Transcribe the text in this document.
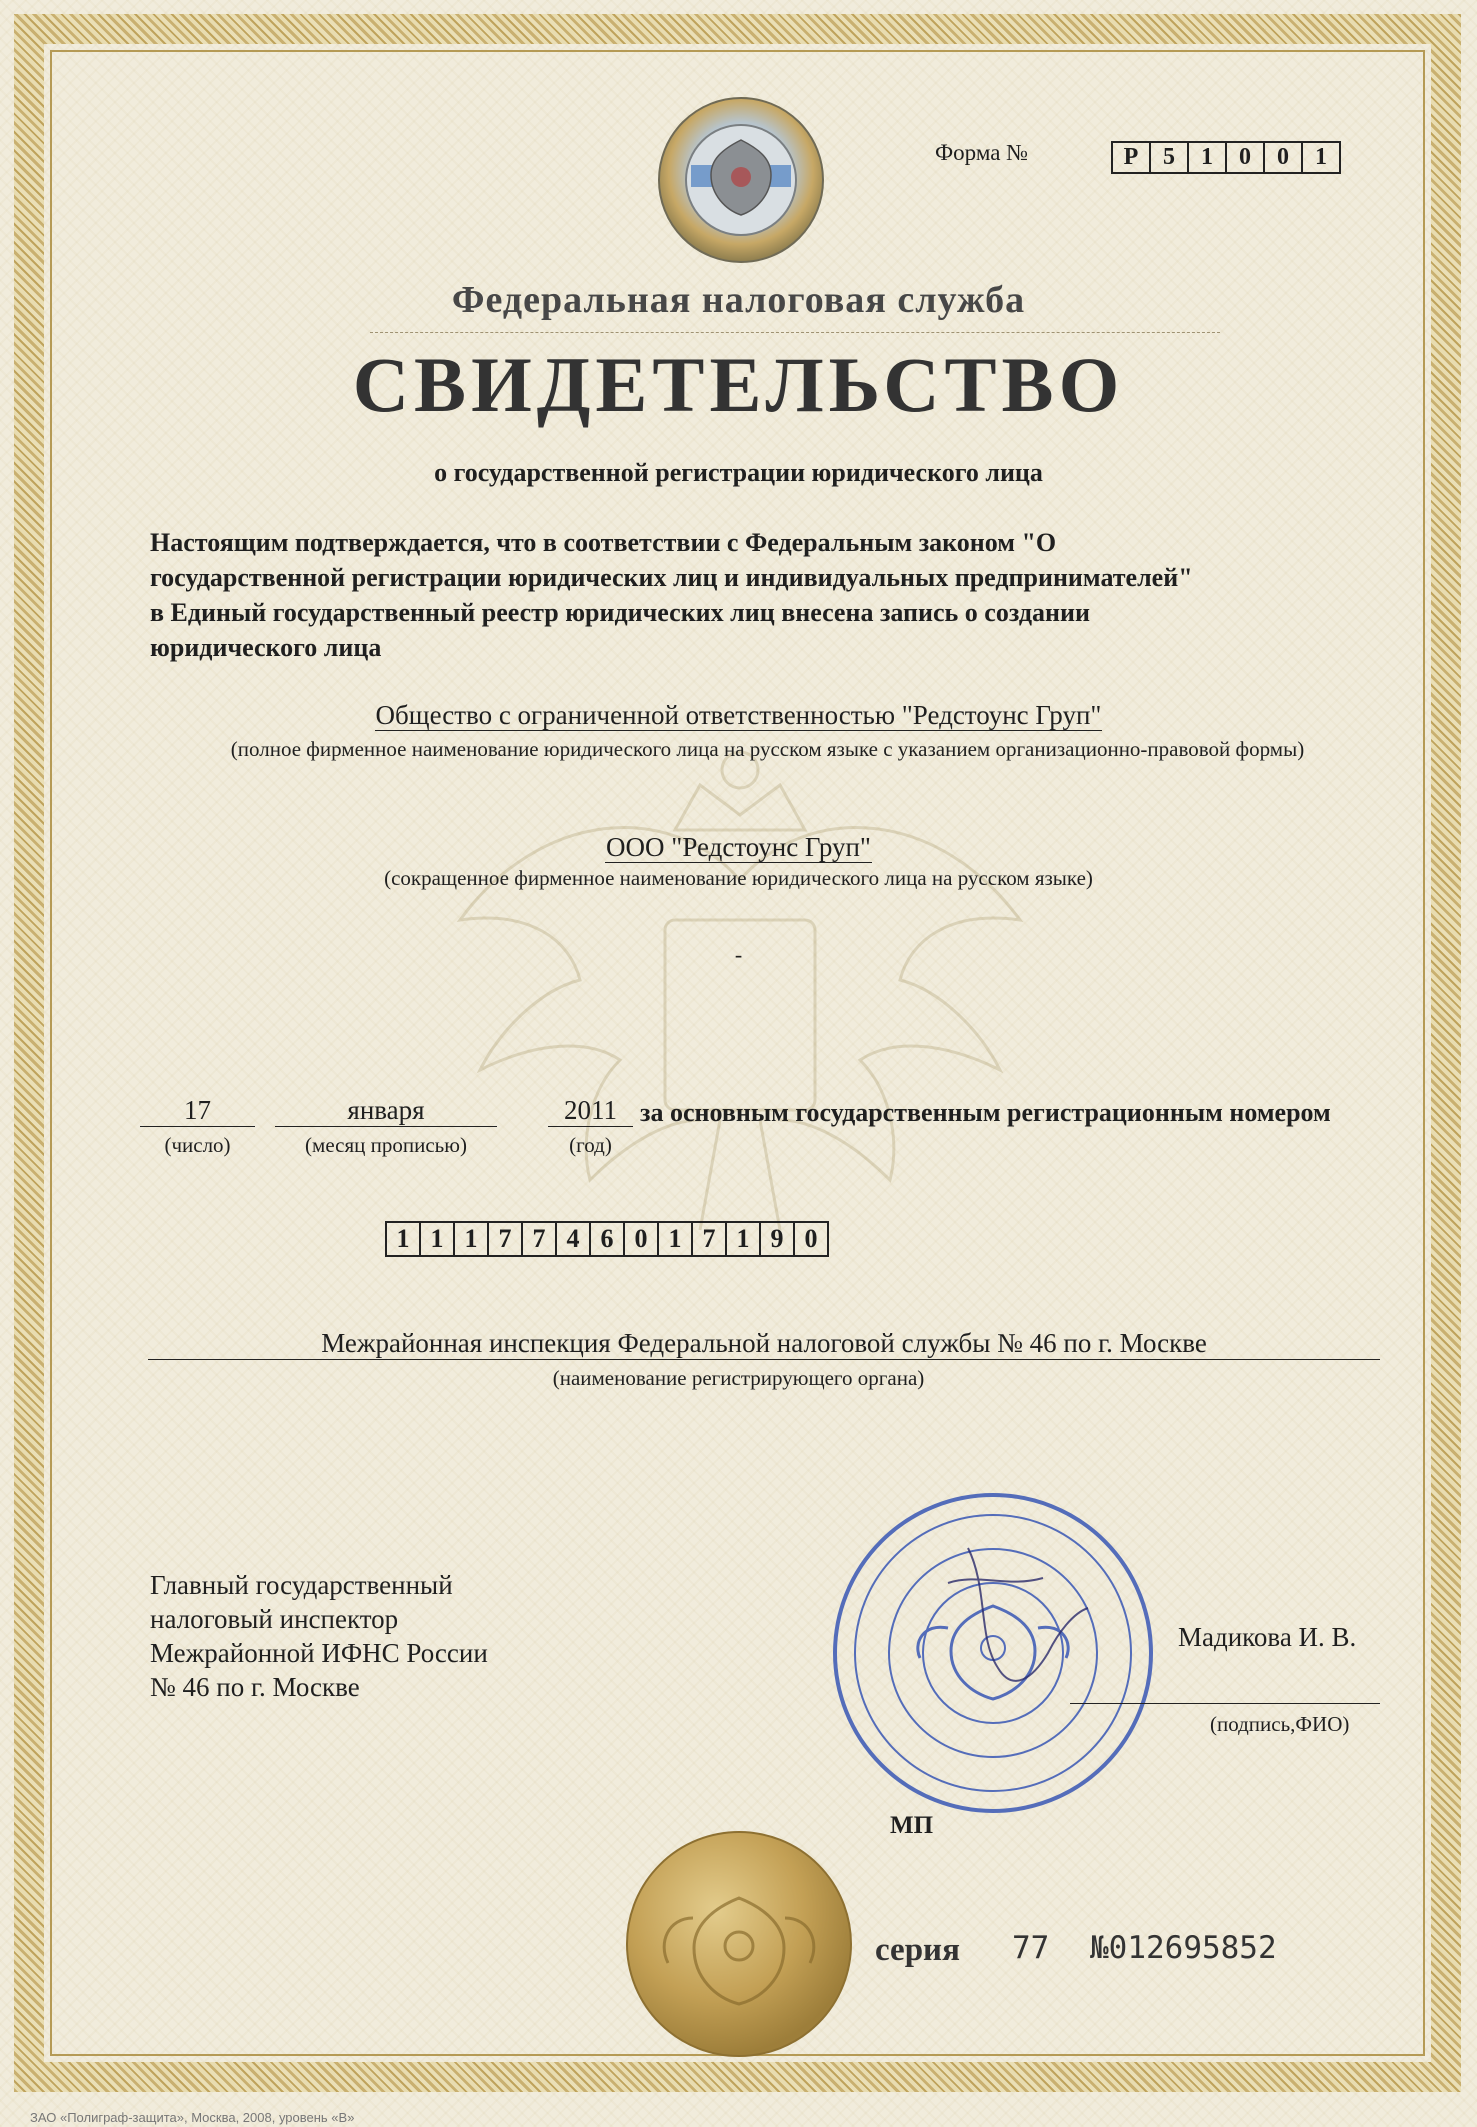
Форма №	Р	5	1	0	0	1
Федеральная налоговая служба
СВИДЕТЕЛЬСТВО
о государственной регистрации юридического лица
Настоящим подтверждается, что в соответствии с Федеральным законом "О
государственной регистрации юридических лиц и индивидуальных предпринимателей"
в Единый государственный реестр юридических лиц внесена запись о создании
юридического лица
Общество с ограниченной ответственностью "Редстоунс Груп"
(полное фирменное наименование юридического лица на русском языке с указанием организационно-правовой формы)
ООО "Редстоунс Груп"
(сокращенное фирменное наименование юридического лица на русском языке)
-
17	января	2011
(число)	(месяц прописью)	(год)
за основным государственным регистрационным номером
1 1 1 7 7 4 6 0 1 7 1 9 0
Межрайонная инспекция Федеральной налоговой службы № 46 по г. Москве
(наименование регистрирующего органа)
Главный государственный
налоговый инспектор
Межрайонной ИФНС России
№ 46 по г. Москве
Мадикова И. В.
(подпись,ФИО)
МП
серия 77 №012695852
ЗАО «Полиграф-защита», Москва, 2008, уровень «В»
